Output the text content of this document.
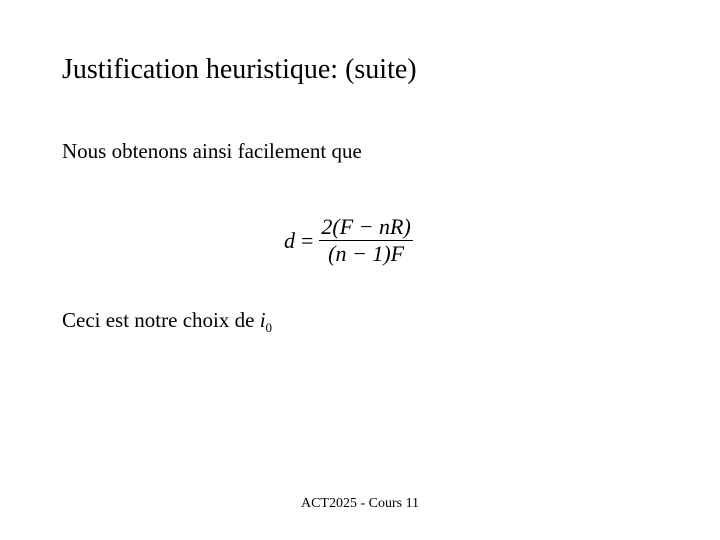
Justification heuristique: (suite)
Nous obtenons ainsi facilement que
$d = \frac{2(F - nR)}{(n - 1)F}$
Ceci est notre choix de $i_0$
ACT2025 - Cours 11
